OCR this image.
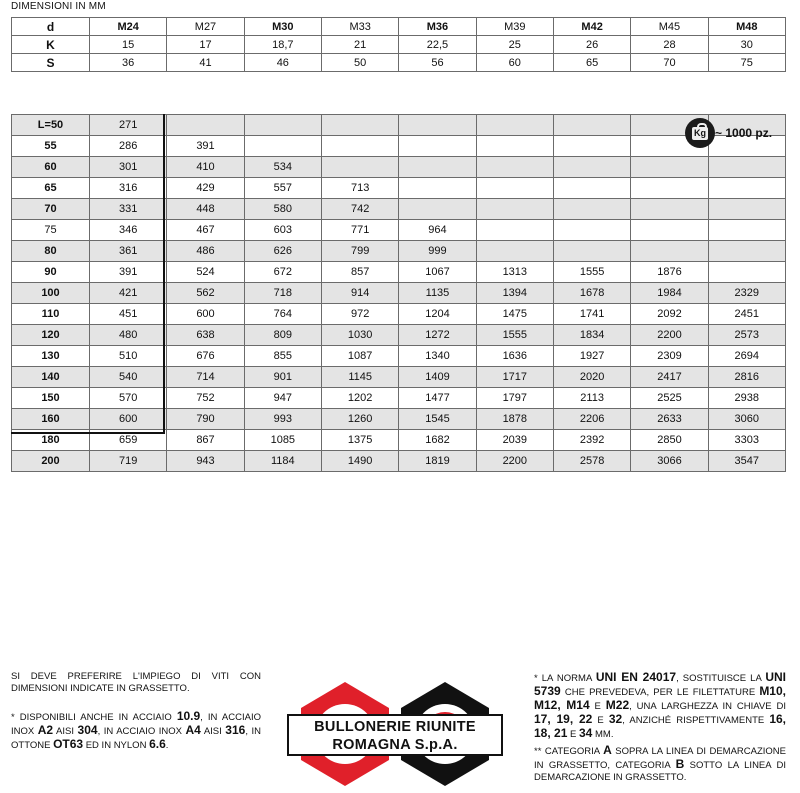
DIMENSIONI IN MM
d	M24	M27	M30	M33	M36	M39	M42	M45	M48
K	15	17	18,7	21	22,5	25	26	28	30
S	36	41	46	50	56	60	65	70	75
L=50	271								
55	286	391							
60	301	410	534						
65	316	429	557	713					
70	331	448	580	742					
75	346	467	603	771	964				
80	361	486	626	799	999				
90	391	524	672	857	1067	1313	1555	1876	
100	421	562	718	914	1135	1394	1678	1984	2329
110	451	600	764	972	1204	1475	1741	2092	2451
120	480	638	809	1030	1272	1555	1834	2200	2573
130	510	676	855	1087	1340	1636	1927	2309	2694
140	540	714	901	1145	1409	1717	2020	2417	2816
150	570	752	947	1202	1477	1797	2113	2525	2938
160	600	790	993	1260	1545	1878	2206	2633	3060
180	659	867	1085	1375	1682	2039	2392	2850	3303
200	719	943	1184	1490	1819	2200	2578	3066	3547
Kg ~ 1000 pz.
SI DEVE PREFERIRE L'IMPIEGO DI VITI CON DIMENSIONI INDICATE IN GRASSETTO.
* DISPONIBILI ANCHE IN ACCIAIO 10.9, IN ACCIAIO INOX A2 AISI 304, IN ACCIAIO INOX A4 AISI 316, IN OTTONE OT63 ED IN NYLON 6.6.
* LA NORMA UNI EN 24017, SOSTITUISCE LA UNI 5739 CHE PREVEDEVA, PER LE FILETTATURE M10, M12, M14 E M22, UNA LARGHEZZA IN CHIAVE DI 17, 19, 22 E 32, ANZICHÉ RISPETTIVAMENTE 16, 18, 21 E 34 MM.
** CATEGORIA A SOPRA LA LINEA DI DEMARCAZIONE IN GRASSETTO, CATEGORIA B SOTTO LA LINEA DI DEMARCAZIONE IN GRASSETTO.
BULLONERIE RIUNITE
ROMAGNA S.p.A.
